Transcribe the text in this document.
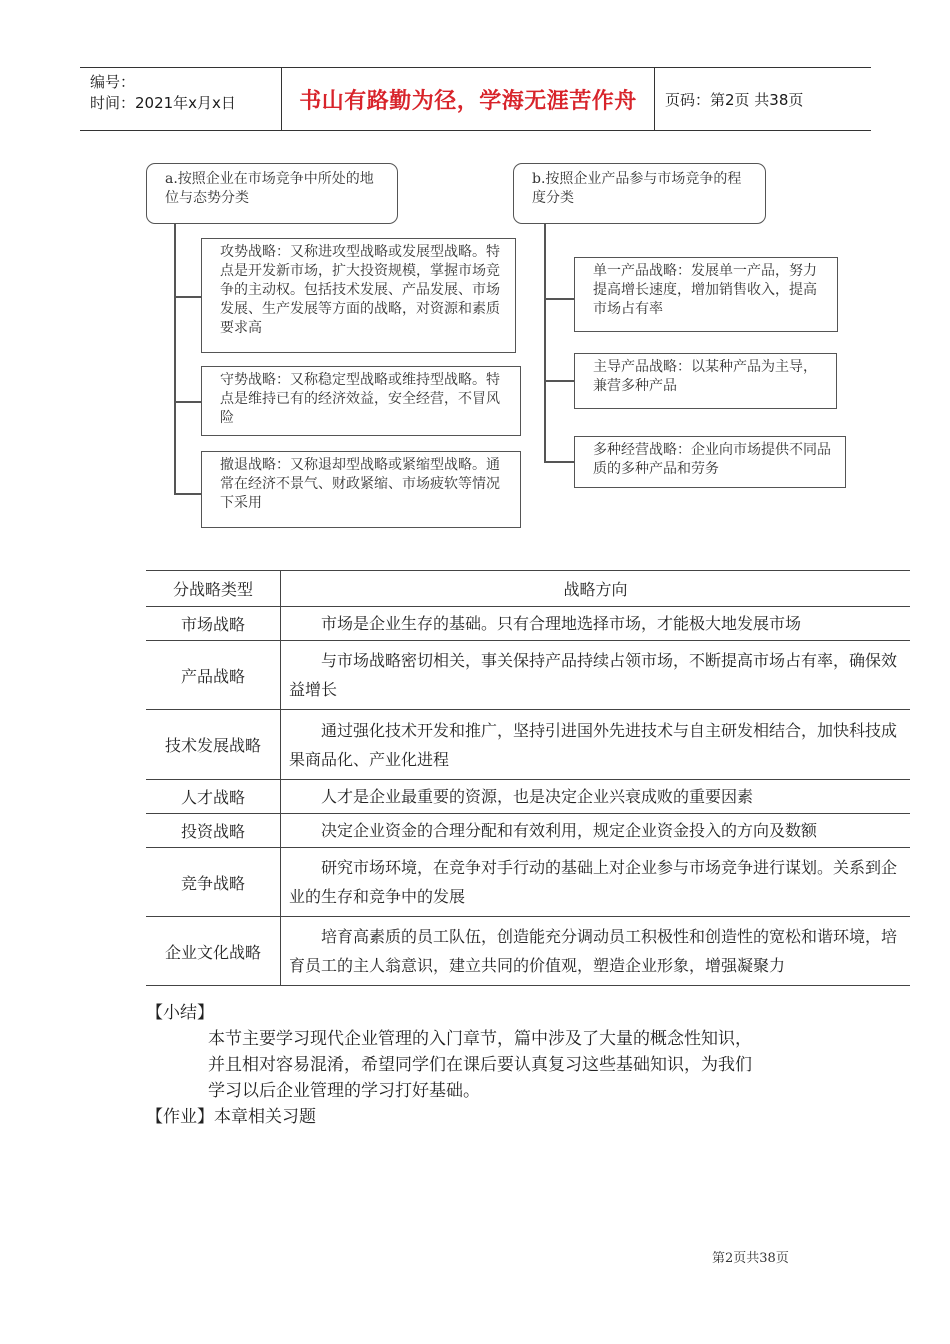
编号：
时间：2021年x月x日	书山有路勤为径，学海无涯苦作舟 页码：第2页 共38页
a.按照企业在市场竞争中所处的地位与态势分类
攻势战略：又称进攻型战略或发展型战略。特点是开发新市场，扩大投资规模，掌握市场竞争的主动权。包括技术发展、产品发展、市场发展、生产发展等方面的战略，对资源和素质要求高
守势战略：又称稳定型战略或维持型战略。特点是维持已有的经济效益，安全经营，不冒风险
撤退战略：又称退却型战略或紧缩型战略。通常在经济不景气、财政紧缩、市场疲软等情况下采用
b.按照企业产品参与市场竞争的程度分类
单一产品战略：发展单一产品，努力提高增长速度，增加销售收入，提高市场占有率
主导产品战略：以某种产品为主导，兼营多种产品
多种经营战略：企业向市场提供不同品质的多种产品和劳务
分战略类型	战略方向
市场战略	市场是企业生存的基础。只有合理地选择市场，才能极大地发展市场
产品战略	与市场战略密切相关，事关保持产品持续占领市场，不断提高市场占有率，确保效益增长
技术发展战略	通过强化技术开发和推广，坚持引进国外先进技术与自主研发相结合，加快科技成果商品化、产业化进程
人才战略	人才是企业最重要的资源，也是决定企业兴衰成败的重要因素
投资战略	决定企业资金的合理分配和有效利用，规定企业资金投入的方向及数额
竞争战略	研究市场环境，在竞争对手行动的基础上对企业参与市场竞争进行谋划。关系到企业的生存和竞争中的发展
企业文化战略	培育高素质的员工队伍，创造能充分调动员工积极性和创造性的宽松和谐环境，培育员工的主人翁意识，建立共同的价值观，塑造企业形象，增强凝聚力
【小结】
本节主要学习现代企业管理的入门章节，篇中涉及了大量的概念性知识，
并且相对容易混淆，希望同学们在课后要认真复习这些基础知识，为我们
学习以后企业管理的学习打好基础。
【作业】本章相关习题
第2页共38页
